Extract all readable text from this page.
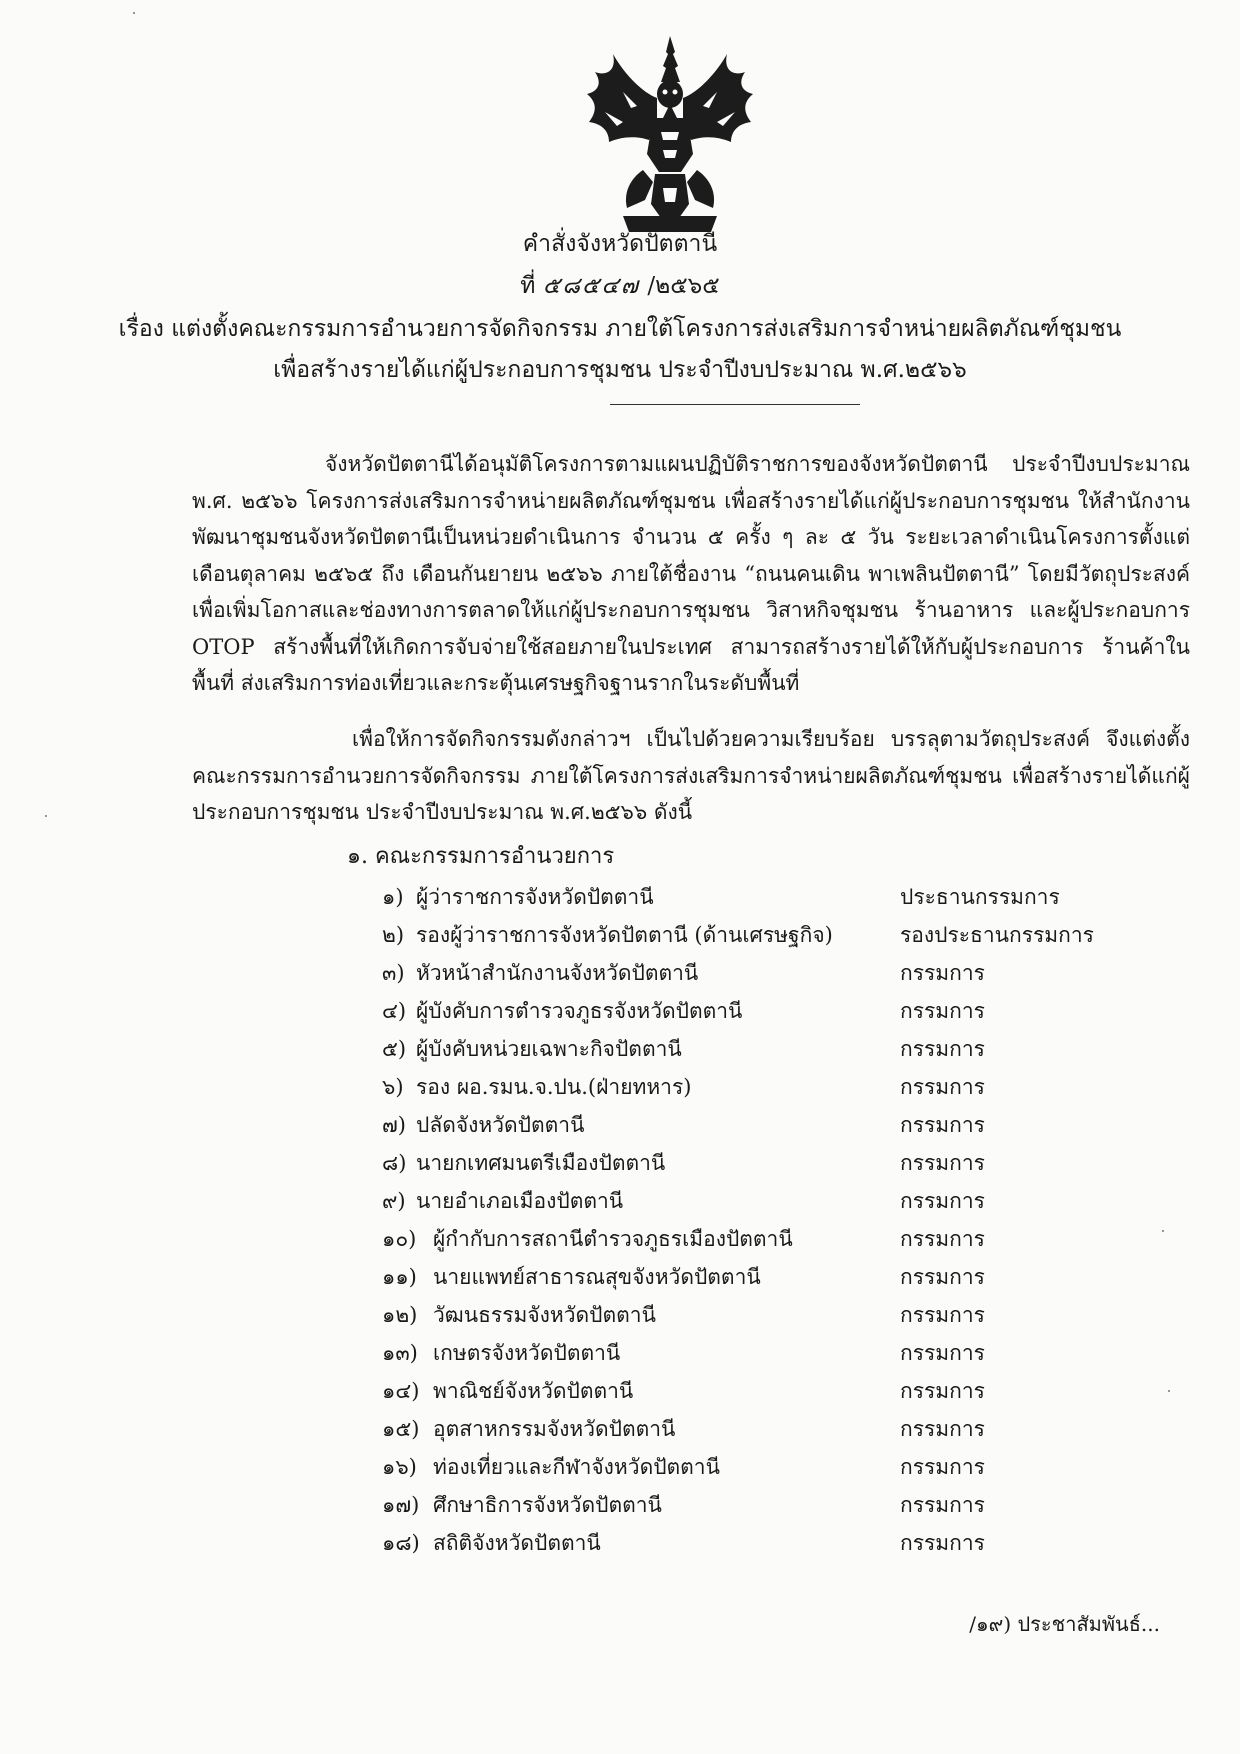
คำสั่งจังหวัดปัตตานี
ที่ ๕๘๕๔๗ /๒๕๖๕
เรื่อง แต่งตั้งคณะกรรมการอำนวยการจัดกิจกรรม ภายใต้โครงการส่งเสริมการจำหน่ายผลิตภัณฑ์ชุมชน
เพื่อสร้างรายได้แก่ผู้ประกอบการชุมชน ประจำปีงบประมาณ พ.ศ.๒๕๖๖
จังหวัดปัตตานีได้อนุมัติโครงการตามแผนปฏิบัติราชการของจังหวัดปัตตานี ประจำปีงบประมาณ พ.ศ. ๒๕๖๖ โครงการส่งเสริมการจำหน่ายผลิตภัณฑ์ชุมชน เพื่อสร้างรายได้แก่ผู้ประกอบการชุมชน ให้สำนักงานพัฒนาชุมชนจังหวัดปัตตานีเป็นหน่วยดำเนินการ จำนวน ๕ ครั้ง ๆ ละ ๕ วัน ระยะเวลาดำเนินโครงการตั้งแต่เดือนตุลาคม ๒๕๖๕ ถึง เดือนกันยายน ๒๕๖๖ ภายใต้ชื่องาน “ถนนคนเดิน พาเพลินปัตตานี” โดยมีวัตถุประสงค์เพื่อเพิ่มโอกาสและช่องทางการตลาดให้แก่ผู้ประกอบการชุมชน วิสาหกิจชุมชน ร้านอาหาร และผู้ประกอบการ OTOP สร้างพื้นที่ให้เกิดการจับจ่ายใช้สอยภายในประเทศ สามารถสร้างรายได้ให้กับผู้ประกอบการ ร้านค้าในพื้นที่ ส่งเสริมการท่องเที่ยวและกระตุ้นเศรษฐกิจฐานรากในระดับพื้นที่
เพื่อให้การจัดกิจกรรมดังกล่าวฯ เป็นไปด้วยความเรียบร้อย บรรลุตามวัตถุประสงค์ จึงแต่งตั้งคณะกรรมการอำนวยการจัดกิจกรรม ภายใต้โครงการส่งเสริมการจำหน่ายผลิตภัณฑ์ชุมชน เพื่อสร้างรายได้แก่ผู้ประกอบการชุมชน ประจำปีงบประมาณ พ.ศ.๒๕๖๖ ดังนี้
๑. คณะกรรมการอำนวยการ
๑) ผู้ว่าราชการจังหวัดปัตตานี	ประธานกรรมการ
๒) รองผู้ว่าราชการจังหวัดปัตตานี (ด้านเศรษฐกิจ)	รองประธานกรรมการ
๓) หัวหน้าสำนักงานจังหวัดปัตตานี	กรรมการ
๔) ผู้บังคับการตำรวจภูธรจังหวัดปัตตานี	กรรมการ
๕) ผู้บังคับหน่วยเฉพาะกิจปัตตานี	กรรมการ
๖) รอง ผอ.รมน.จ.ปน.(ฝ่ายทหาร)	กรรมการ
๗) ปลัดจังหวัดปัตตานี	กรรมการ
๘) นายกเทศมนตรีเมืองปัตตานี	กรรมการ
๙) นายอำเภอเมืองปัตตานี	กรรมการ
๑๐) ผู้กำกับการสถานีตำรวจภูธรเมืองปัตตานี	กรรมการ
๑๑) นายแพทย์สาธารณสุขจังหวัดปัตตานี	กรรมการ
๑๒) วัฒนธรรมจังหวัดปัตตานี	กรรมการ
๑๓) เกษตรจังหวัดปัตตานี	กรรมการ
๑๔) พาณิชย์จังหวัดปัตตานี	กรรมการ
๑๕) อุตสาหกรรมจังหวัดปัตตานี	กรรมการ
๑๖) ท่องเที่ยวและกีฬาจังหวัดปัตตานี	กรรมการ
๑๗) ศึกษาธิการจังหวัดปัตตานี	กรรมการ
๑๘) สถิติจังหวัดปัตตานี	กรรมการ
/๑๙) ประชาสัมพันธ์...
